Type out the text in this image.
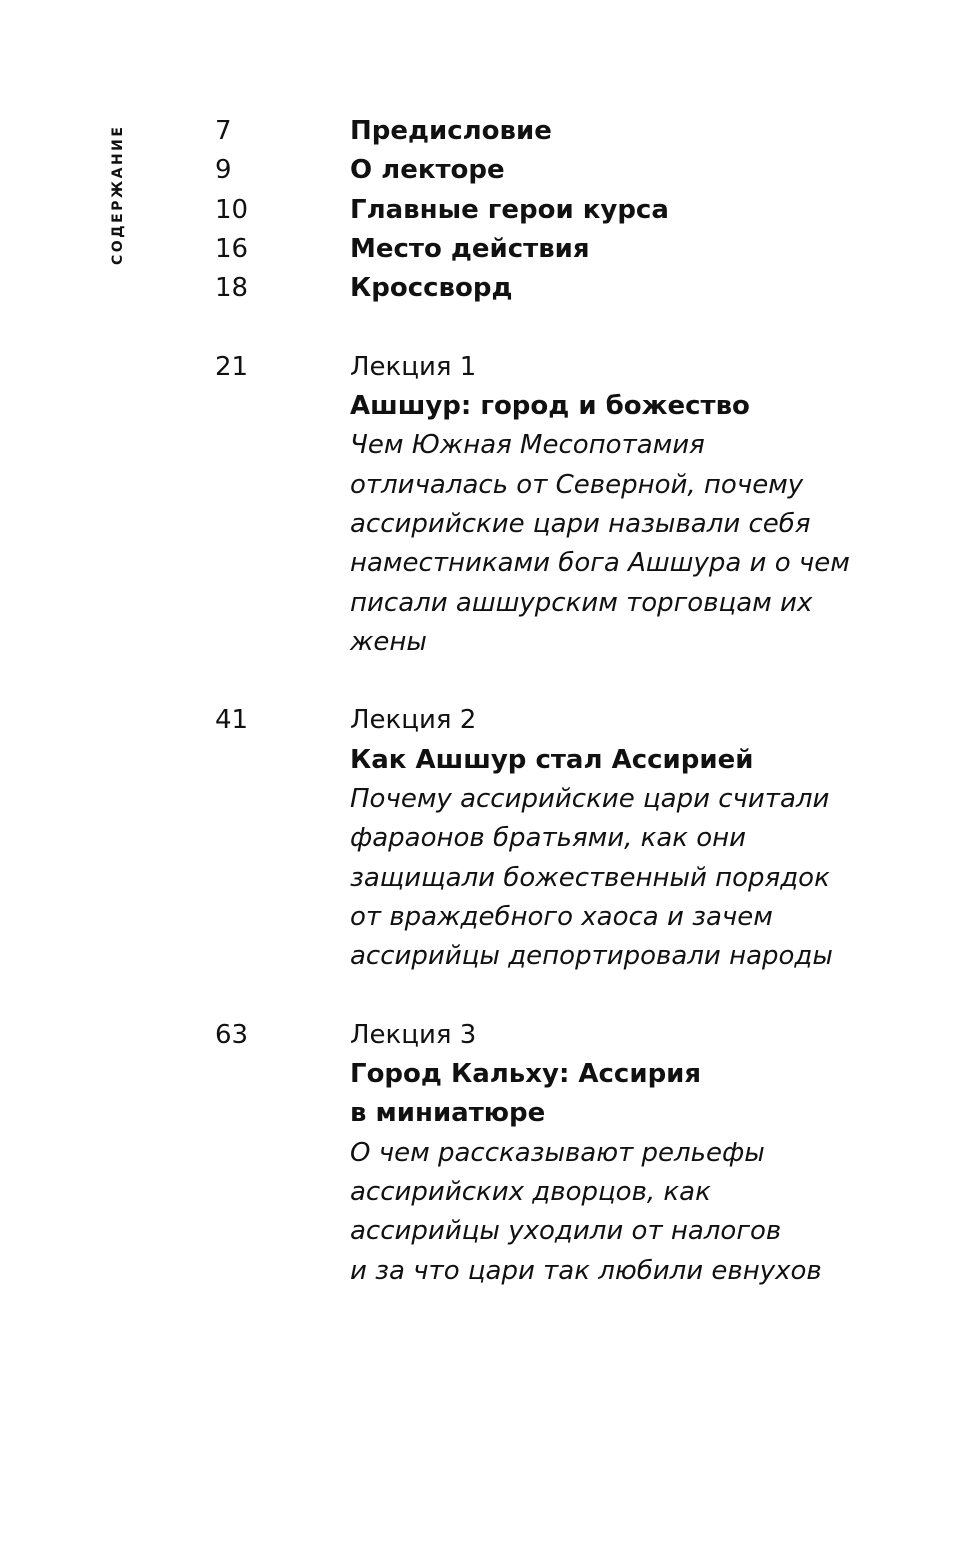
СОДЕРЖАНИЕ	7	Предисловие
9	О лекторе
10	Главные герои курса
16	Место действия
18	Кроссворд
21	Лекция 1
Ашшур: город и божество
Чем Южная Месопотамия
отличалась от Северной, почему
ассирийские цари называли себя
наместниками бога Ашшура и о чем
писали ашшурским торговцам их
жены
41	Лекция 2
Как Ашшур стал Ассирией
Почему ассирийские цари считали
фараонов братьями, как они
защищали божественный порядок
от враждебного хаоса и зачем
ассирийцы депортировали народы
63	Лекция 3
Город Кальху: Ассирия
в миниатюре
О чем рассказывают рельефы
ассирийских дворцов, как
ассирийцы уходили от налогов
и за что цари так любили евнухов
